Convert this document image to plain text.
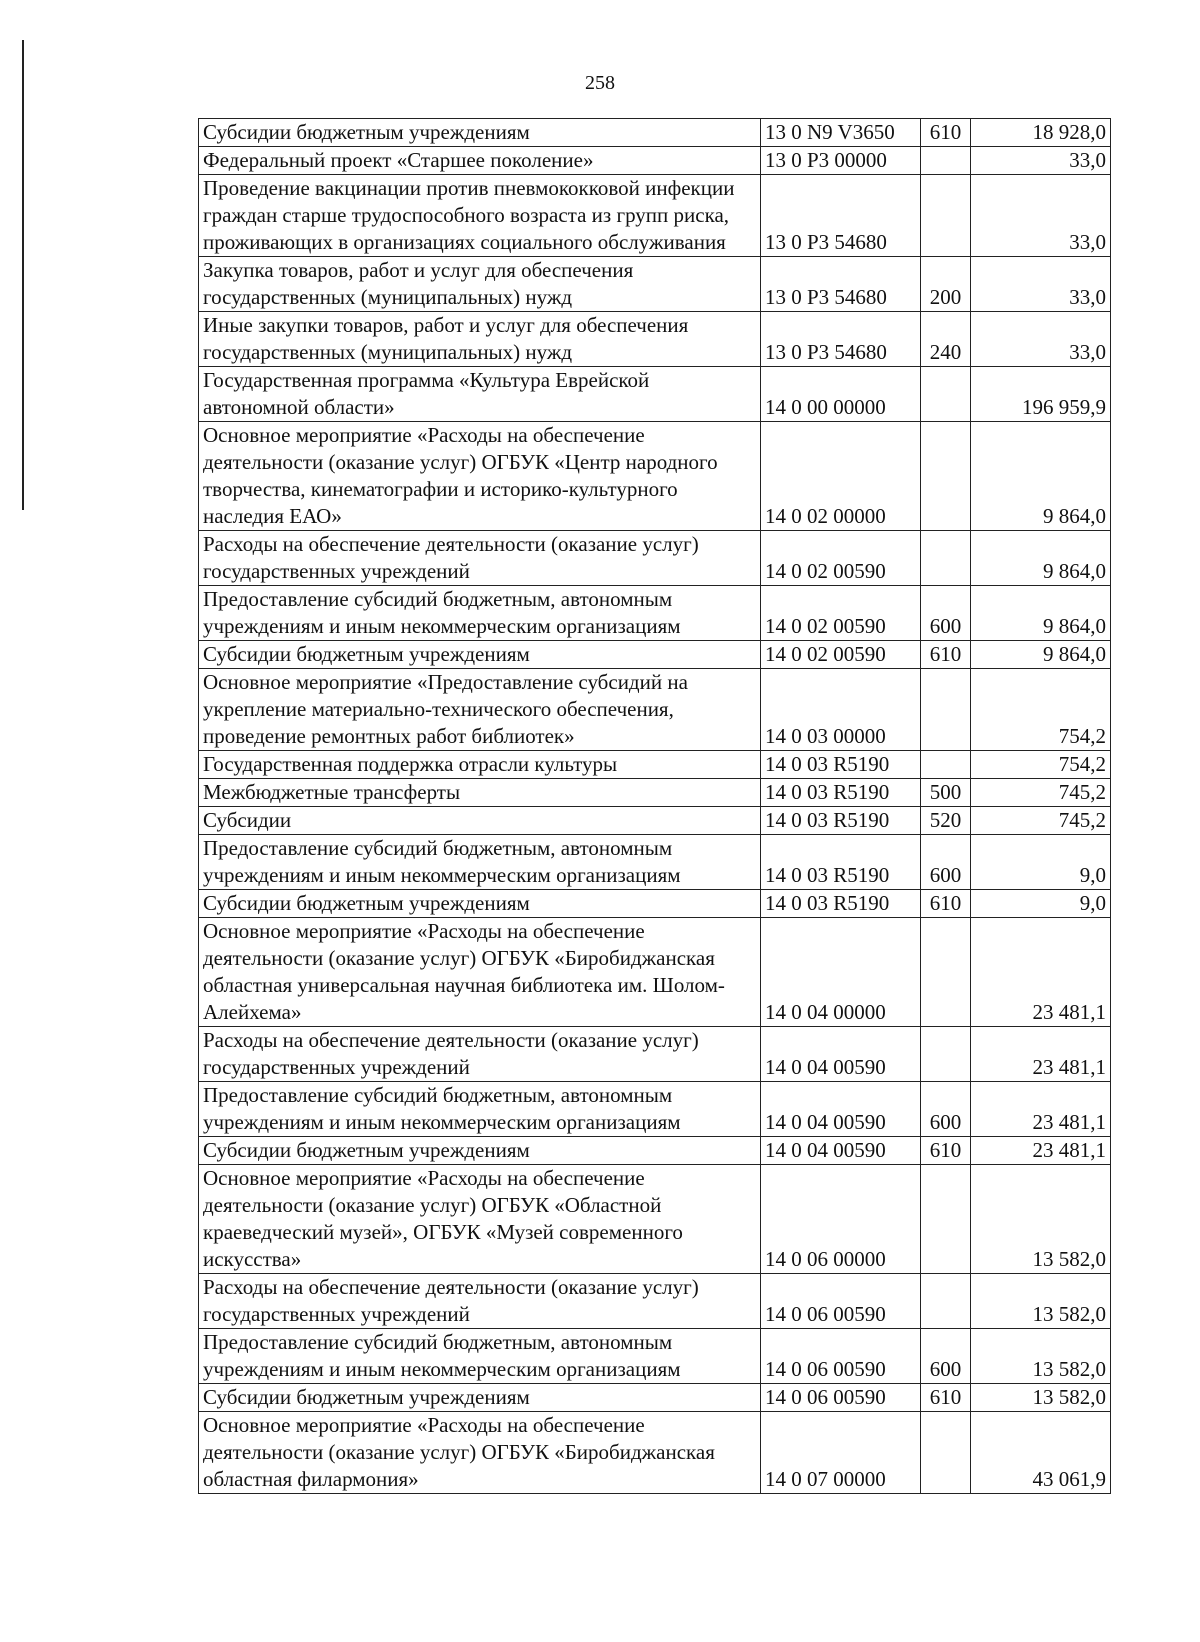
258
Субсидии бюджетным учреждениям	13 0 N9 V3650	610	18 928,0
Федеральный проект «Старшее поколение»	13 0 P3 00000		33,0
Проведение вакцинации против пневмококковой инфекции граждан старше трудоспособного возраста из групп риска, проживающих в организациях социального обслуживания	13 0 P3 54680		33,0
Закупка товаров, работ и услуг для обеспечения государственных (муниципальных) нужд	13 0 P3 54680	200	33,0
Иные закупки товаров, работ и услуг для обеспечения государственных (муниципальных) нужд	13 0 P3 54680	240	33,0
Государственная программа «Культура Еврейской автономной области»	14 0 00 00000		196 959,9
Основное мероприятие «Расходы на обеспечение деятельности (оказание услуг) ОГБУК «Центр народного творчества, кинематографии и историко-культурного наследия ЕАО»	14 0 02 00000		9 864,0
Расходы на обеспечение деятельности (оказание услуг) государственных учреждений	14 0 02 00590		9 864,0
Предоставление субсидий бюджетным, автономным учреждениям и иным некоммерческим организациям	14 0 02 00590	600	9 864,0
Субсидии бюджетным учреждениям	14 0 02 00590	610	9 864,0
Основное мероприятие «Предоставление субсидий на укрепление материально-технического обеспечения, проведение ремонтных работ библиотек»	14 0 03 00000		754,2
Государственная поддержка отрасли культуры	14 0 03 R5190		754,2
Межбюджетные трансферты	14 0 03 R5190	500	745,2
Субсидии	14 0 03 R5190	520	745,2
Предоставление субсидий бюджетным, автономным учреждениям и иным некоммерческим организациям	14 0 03 R5190	600	9,0
Субсидии бюджетным учреждениям	14 0 03 R5190	610	9,0
Основное мероприятие «Расходы на обеспечение деятельности (оказание услуг) ОГБУК «Биробиджанская областная универсальная научная библиотека им. Шолом-Алейхема»	14 0 04 00000		23 481,1
Расходы на обеспечение деятельности (оказание услуг) государственных учреждений	14 0 04 00590		23 481,1
Предоставление субсидий бюджетным, автономным учреждениям и иным некоммерческим организациям	14 0 04 00590	600	23 481,1
Субсидии бюджетным учреждениям	14 0 04 00590	610	23 481,1
Основное мероприятие «Расходы на обеспечение деятельности (оказание услуг) ОГБУК «Областной краеведческий музей», ОГБУК «Музей современного искусства»	14 0 06 00000		13 582,0
Расходы на обеспечение деятельности (оказание услуг) государственных учреждений	14 0 06 00590		13 582,0
Предоставление субсидий бюджетным, автономным учреждениям и иным некоммерческим организациям	14 0 06 00590	600	13 582,0
Субсидии бюджетным учреждениям	14 0 06 00590	610	13 582,0
Основное мероприятие «Расходы на обеспечение деятельности (оказание услуг) ОГБУК «Биробиджанская областная филармония»	14 0 07 00000		43 061,9
